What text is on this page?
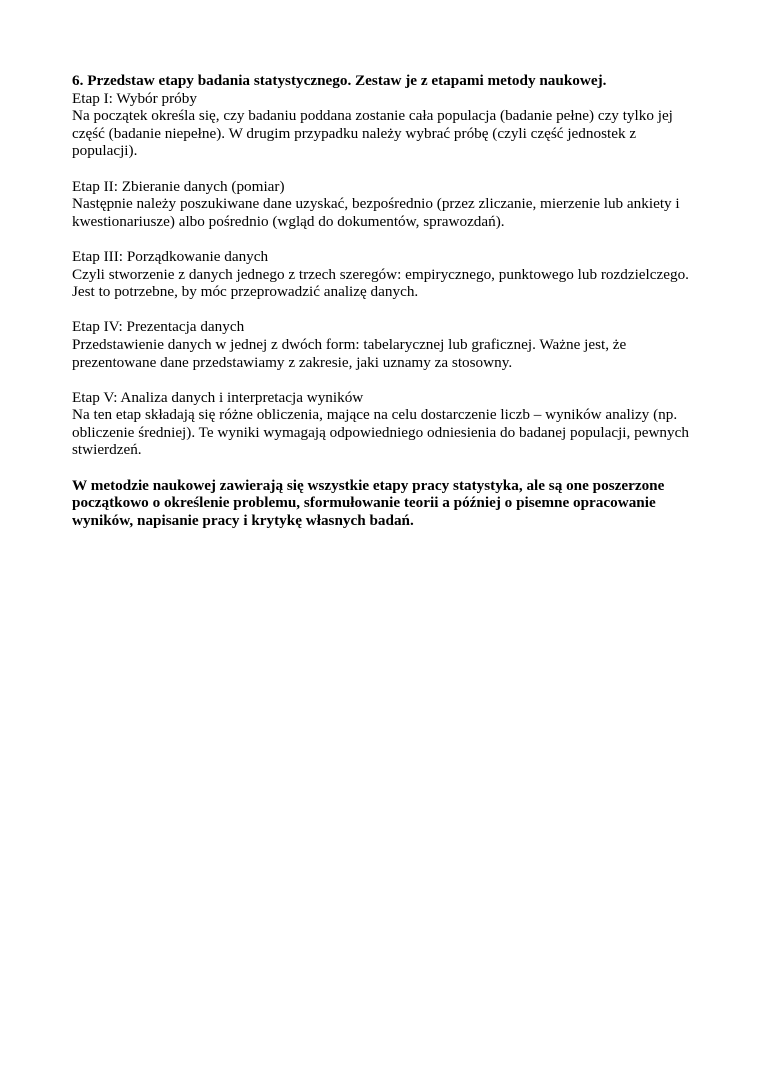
6. Przedstaw etapy badania statystycznego. Zestaw je z etapami metody naukowej.

Etap I: Wybór próby

Na początek określa się, czy badaniu poddana zostanie cała populacja (badanie pełne) czy tylko jej część (badanie niepełne). W drugim przypadku należy wybrać próbę (czyli część jednostek z populacji).

Etap II: Zbieranie danych (pomiar)

Następnie należy poszukiwane dane uzyskać, bezpośrednio (przez zliczanie, mierzenie lub ankiety i kwestionariusze) albo pośrednio (wgląd do dokumentów, sprawozdań).

Etap III: Porządkowanie danych

Czyli stworzenie z danych jednego z trzech szeregów: empirycznego, punktowego lub rozdzielczego. Jest to potrzebne, by móc przeprowadzić analizę danych.

Etap IV: Prezentacja danych

Przedstawienie danych w jednej z dwóch form: tabelarycznej lub graficznej. Ważne jest, że prezentowane dane przedstawiamy z zakresie, jaki uznamy za stosowny.

Etap V: Analiza danych i interpretacja wyników

Na ten etap składają się różne obliczenia, mające na celu dostarczenie liczb – wyników analizy (np. obliczenie średniej). Te wyniki wymagają odpowiedniego odniesienia do badanej populacji, pewnych stwierdzeń.

W metodzie naukowej zawierają się wszystkie etapy pracy statystyka, ale są one poszerzone początkowo o określenie problemu, sformułowanie teorii a później o pisemne opracowanie wyników, napisanie pracy i krytykę własnych badań.
